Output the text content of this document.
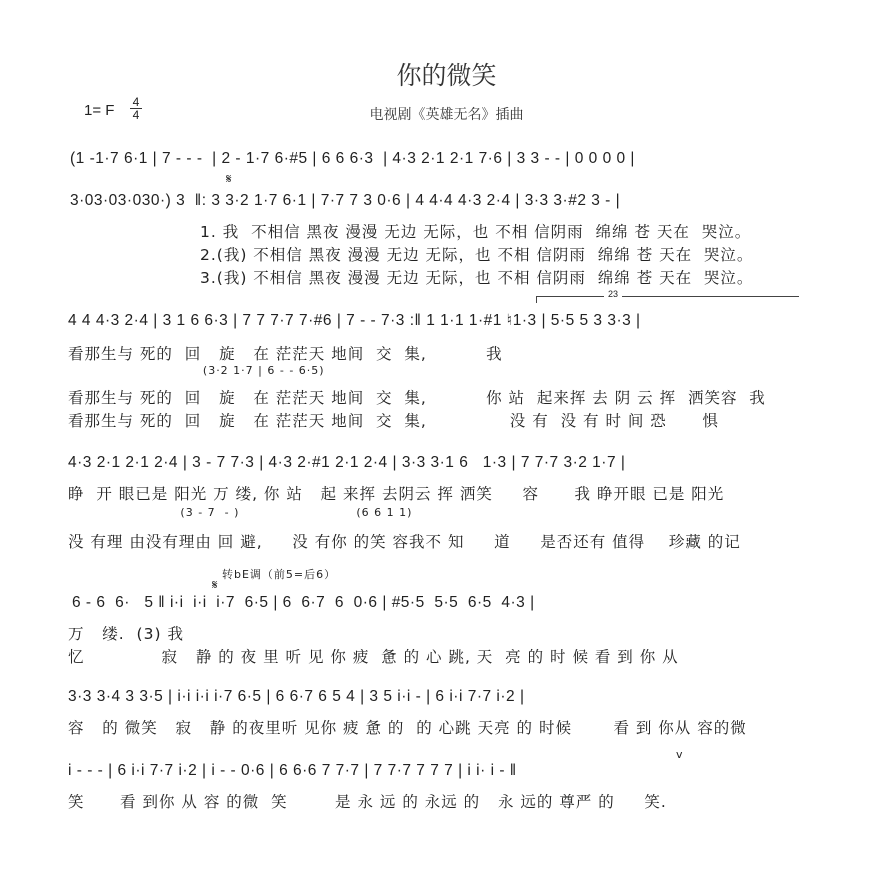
你的微笑
1= F 4
4	电视剧《英雄无名》插曲
(1 -1·7 6·1 | 7 - - -  | 2 - 1·7 6·#5 | 6 6 6·3  | 4·3 2·1 2·1 7·6 | 3 3 - - | 0 0 0 0 |
𝄋
3·03·03·030·) 3  ‖: 3 3·2 1·7 6·1 | 7·7 7 3 0·6 | 4 4·4 4·3 2·4 | 3·3 3·#2 3 - |
1. 我  不相信 黑夜 漫漫 无边 无际，也 不相 信阴雨  绵绵 苍 天在  哭泣。
2.(我) 不相信 黑夜 漫漫 无边 无际，也 不相 信阴雨  绵绵 苍 天在  哭泣。
3.(我) 不相信 黑夜 漫漫 无边 无际，也 不相 信阴雨  绵绵 苍 天在  哭泣。
23
4 4 4·3 2·4 | 3 1 6 6·3 | 7 7 7·7 7·#6 | 7 - - 7·3 :‖ 1 1·1 1·#1 ♮1·3 | 5·5 5 3 3·3 |
看那生与 死的  回   旋   在 茫茫天 地间  交  集,          我
(3·2 1·7 | 6 - - 6·5)
看那生与 死的  回   旋   在 茫茫天 地间  交  集,          你 站  起来挥 去 阴 云 挥  洒笑容  我
看那生与 死的  回   旋   在 茫茫天 地间  交  集,              没 有  没 有 时 间 恐      惧
4·3 2·1 2·1 2·4 | 3 - 7 7·3 | 4·3 2·#1 2·1 2·4 | 3·3 3·1 6   1·3 | 7 7·7 3·2 1·7 |
睁  开 眼已是 阳光 万 缕, 你 站   起 来挥 去阴云 挥 洒笑     容      我 睁开眼 已是 阳光
(3 - 7  - )                          (6 6 1 1)
没 有理 由没有理由 回 避,     没 有你 的笑 容我不 知     道     是否还有 值得    珍藏 的记
转bE调（前5=后6）
𝄋
6 - 6  6·   5 ‖ i·i  i·i  i·7  6·5 | 6  6·7  6  0·6 | #5·5  5·5  6·5  4·3 |
万   缕.  (3) 我
忆             寂   静 的 夜 里 听 见 你 疲  惫 的 心 跳, 天  亮 的 时 候 看 到 你 从
3·3 3·4 3 3·5 | i·i i·i i·7 6·5 | 6 6·7 6 5 4 | 3 5 i·i - | 6 i·i 7·7 i·2 |
容   的 微笑   寂   静 的夜里听 见你 疲 惫 的  的 心跳 天亮 的 时候       看 到 你从 容的微
v
i - - - | 6 i·i 7·7 i·2 | i - - 0·6 | 6 6·6 7 7·7 | 7 7·7 7 7 7 | i i· i - ‖
笑      看 到你 从 容 的微  笑        是 永 远 的 永远 的   永 远的 尊严 的     笑.
